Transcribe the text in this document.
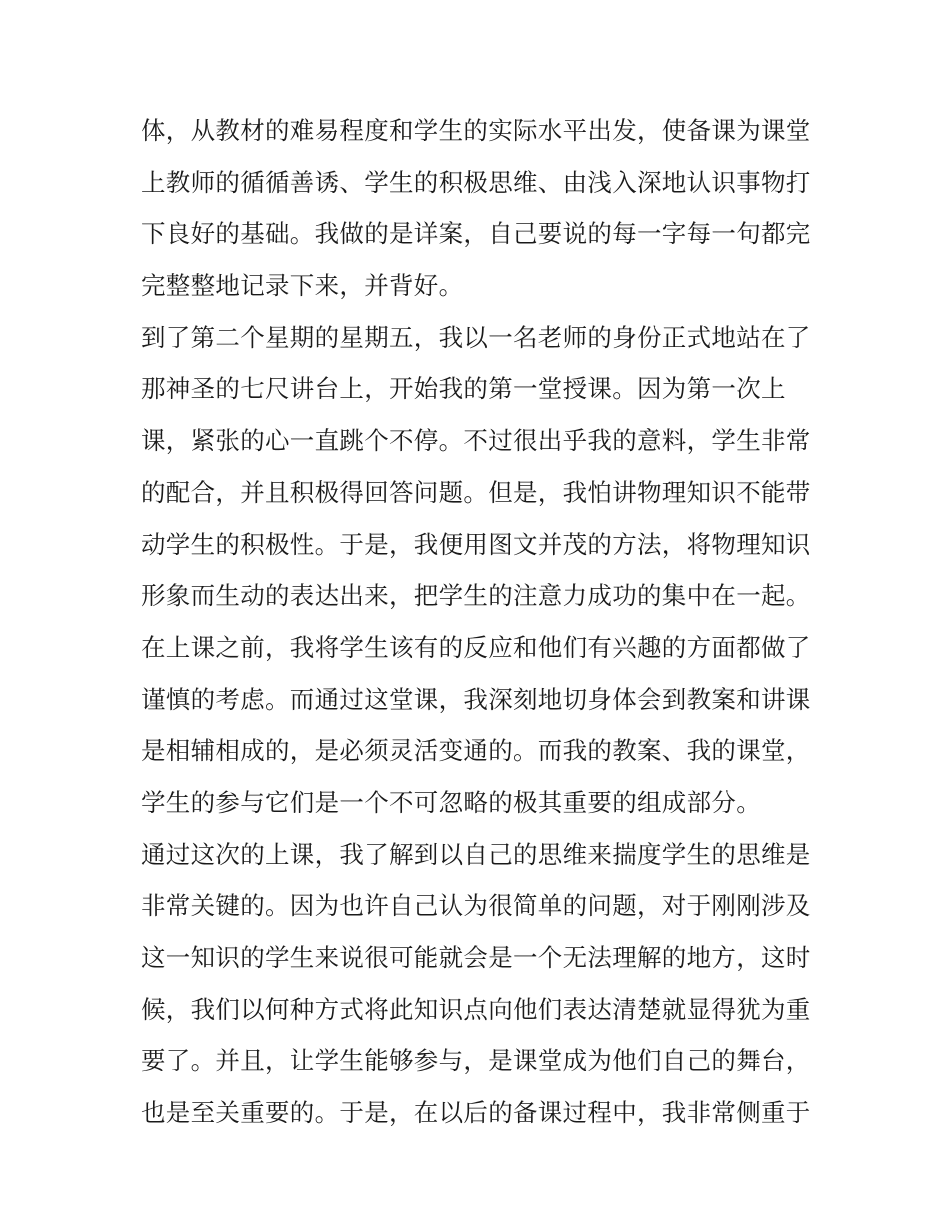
体，从教材的难易程度和学生的实际水平出发，使备课为课堂
上教师的循循善诱、学生的积极思维、由浅入深地认识事物打
下良好的基础。我做的是详案，自己要说的每一字每一句都完
完整整地记录下来，并背好。
到了第二个星期的星期五，我以一名老师的身份正式地站在了
那神圣的七尺讲台上，开始我的第一堂授课。因为第一次上
课，紧张的心一直跳个不停。不过很出乎我的意料，学生非常
的配合，并且积极得回答问题。但是，我怕讲物理知识不能带
动学生的积极性。于是，我便用图文并茂的方法，将物理知识
形象而生动的表达出来，把学生的注意力成功的集中在一起。
在上课之前，我将学生该有的反应和他们有兴趣的方面都做了
谨慎的考虑。而通过这堂课，我深刻地切身体会到教案和讲课
是相辅相成的，是必须灵活变通的。而我的教案、我的课堂，
学生的参与它们是一个不可忽略的极其重要的组成部分。
通过这次的上课，我了解到以自己的思维来揣度学生的思维是
非常关键的。因为也许自己认为很简单的问题，对于刚刚涉及
这一知识的学生来说很可能就会是一个无法理解的地方，这时
候，我们以何种方式将此知识点向他们表达清楚就显得犹为重
要了。并且，让学生能够参与，是课堂成为他们自己的舞台，
也是至关重要的。于是，在以后的备课过程中，我非常侧重于
